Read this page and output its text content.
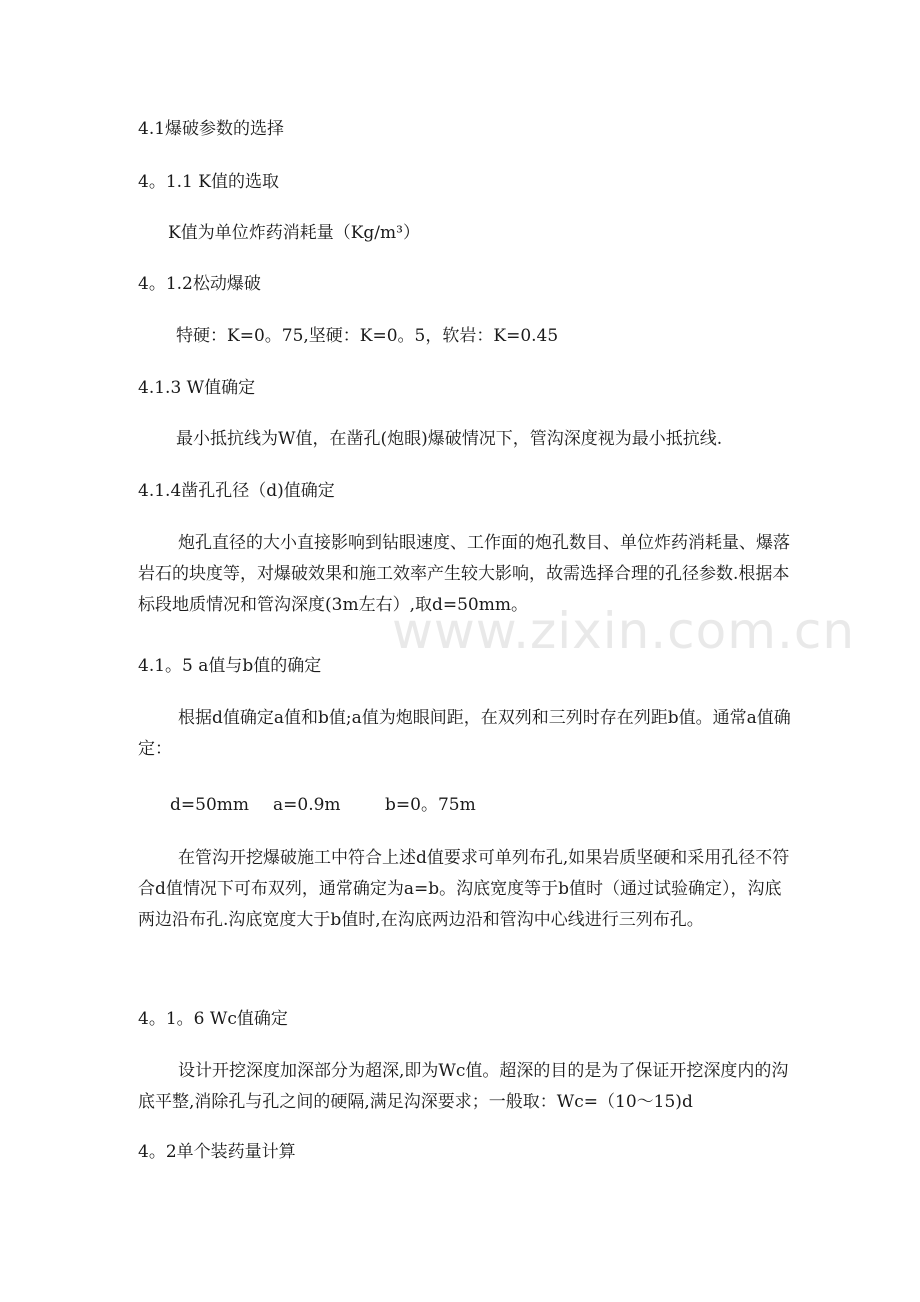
www.zixin.com.cn
4.1爆破参数的选择
4。1.1 K值的选取
K值为单位炸药消耗量（Kg/m³）
4。1.2松动爆破
特硬：K=0。75,坚硬：K=0。5，软岩：K=0.45
4.1.3 W值确定
最小抵抗线为W值，在凿孔(炮眼)爆破情况下，管沟深度视为最小抵抗线.
4.1.4凿孔孔径（d)值确定
炮孔直径的大小直接影响到钻眼速度、工作面的炮孔数目、单位炸药消耗量、爆落岩石的块度等，对爆破效果和施工效率产生较大影响，故需选择合理的孔径参数.根据本标段地质情况和管沟深度(3m左右）,取d=50mm。
4.1。5 a值与b值的确定
根据d值确定a值和b值;a值为炮眼间距，在双列和三列时存在列距b值。通常a值确定：
d=50mm a=0.9m	b=0。75m
在管沟开挖爆破施工中符合上述d值要求可单列布孔,如果岩质坚硬和采用孔径不符合d值情况下可布双列，通常确定为a=b。沟底宽度等于b值时（通过试验确定），沟底两边沿布孔.沟底宽度大于b值时,在沟底两边沿和管沟中心线进行三列布孔。
4。1。6 Wc值确定
设计开挖深度加深部分为超深,即为Wc值。超深的目的是为了保证开挖深度内的沟底平整,消除孔与孔之间的硬隔,满足沟深要求；一般取：Wc=（10～15)d
4。2单个装药量计算
